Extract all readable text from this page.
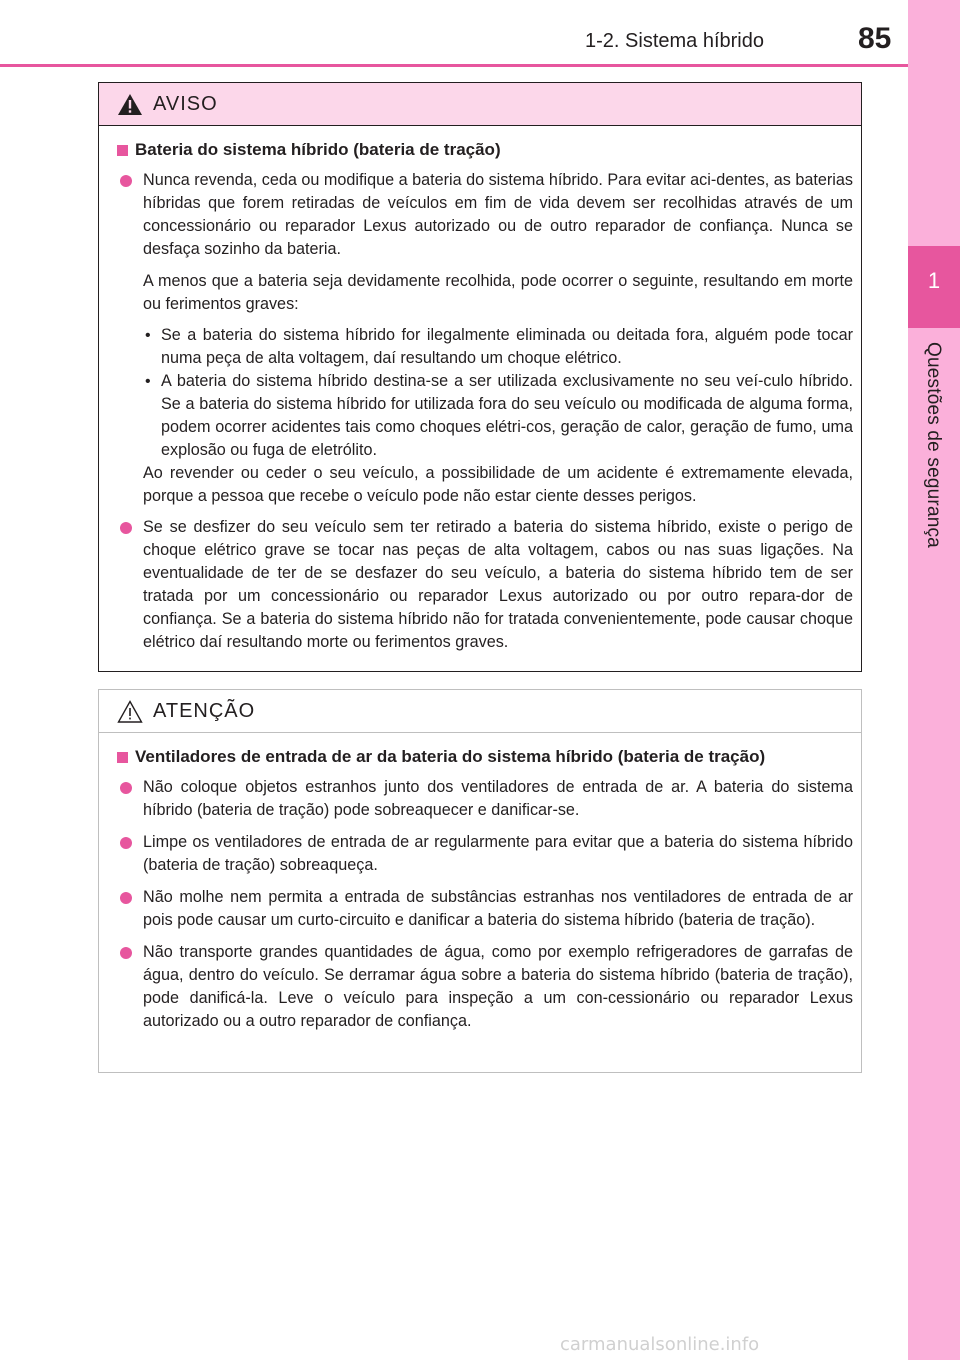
1-2. Sistema híbrido	85
1
Questões de segurança
AVISO
Bateria do sistema híbrido (bateria de tração)

Nunca revenda, ceda ou modifique a bateria do sistema híbrido. Para evitar aci-dentes, as baterias híbridas que forem retiradas de veículos em fim de vida devem ser recolhidas através de um concessionário ou reparador Lexus autorizado ou de outro reparador de confiança. Nunca se desfaça sozinho da bateria.

A menos que a bateria seja devidamente recolhida, pode ocorrer o seguinte, resultando em morte ou ferimentos graves:

• Se a bateria do sistema híbrido for ilegalmente eliminada ou deitada fora, alguém pode tocar numa peça de alta voltagem, daí resultando um choque elétrico.

• A bateria do sistema híbrido destina-se a ser utilizada exclusivamente no seu veí-culo híbrido. Se a bateria do sistema híbrido for utilizada fora do seu veículo ou modificada de alguma forma, podem ocorrer acidentes tais como choques elétri-cos, geração de calor, geração de fumo, uma explosão ou fuga de eletrólito.

Ao revender ou ceder o seu veículo, a possibilidade de um acidente é extremamente elevada, porque a pessoa que recebe o veículo pode não estar ciente desses perigos.

Se se desfizer do seu veículo sem ter retirado a bateria do sistema híbrido, existe o perigo de choque elétrico grave se tocar nas peças de alta voltagem, cabos ou nas suas ligações. Na eventualidade de ter de se desfazer do seu veículo, a bateria do sistema híbrido tem de ser tratada por um concessionário ou reparador Lexus autorizado ou por outro repara-dor de confiança. Se a bateria do sistema híbrido não for tratada convenientemente, pode causar choque elétrico daí resultando morte ou ferimentos graves.

ATENÇÃO
Ventiladores de entrada de ar da bateria do sistema híbrido (bateria de tração)

Não coloque objetos estranhos junto dos ventiladores de entrada de ar. A bateria do sistema híbrido (bateria de tração) pode sobreaquecer e danificar-se.

Limpe os ventiladores de entrada de ar regularmente para evitar que a bateria do sistema híbrido (bateria de tração) sobreaqueça.

Não molhe nem permita a entrada de substâncias estranhas nos ventiladores de entrada de ar pois pode causar um curto-circuito e danificar a bateria do sistema híbrido (bateria de tração).

Não transporte grandes quantidades de água, como por exemplo refrigeradores de garrafas de água, dentro do veículo. Se derramar água sobre a bateria do sistema híbrido (bateria de tração), pode danificá-la. Leve o veículo para inspeção a um con-cessionário ou reparador Lexus autorizado ou a outro reparador de confiança.

carmanualsonline.info
